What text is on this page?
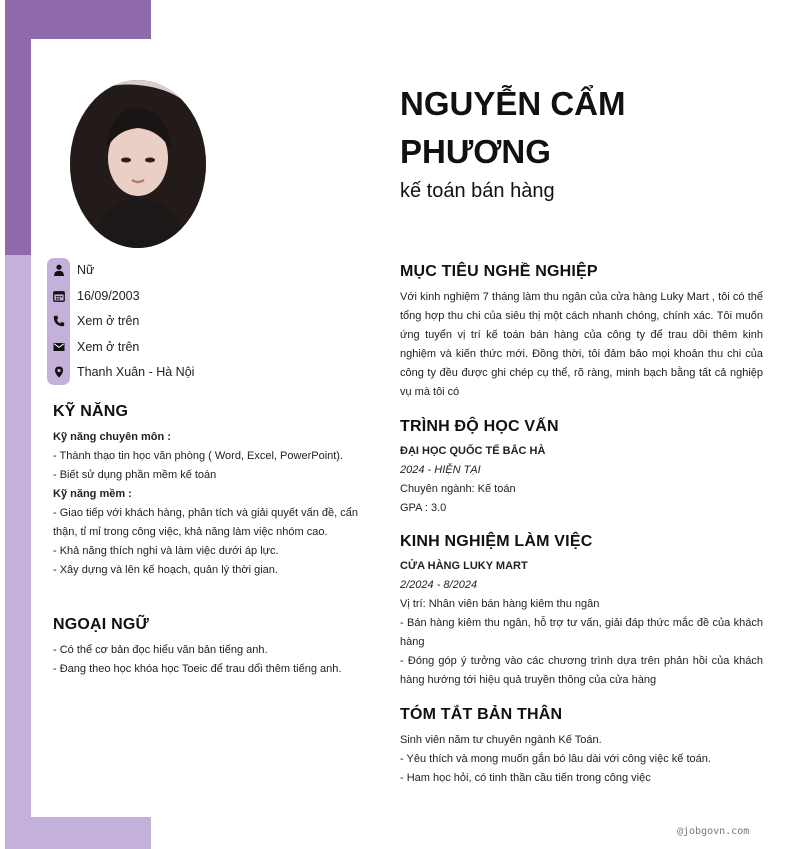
Nữ
16/09/2003
Xem ở trên
Xem ở trên
Thanh Xuân - Hà Nội
KỸ NĂNG

Kỹ năng chuyên môn :

- Thành thạo tin học văn phòng ( Word, Excel, PowerPoint).

- Biết sử dụng phần mềm kế toán

Kỹ năng mềm :

- Giao tiếp với khách hàng, phân tích và giải quyết vấn đề, cẩn thận, tỉ mỉ trong công việc, khả năng làm việc nhóm cao.

- Khả năng thích nghi và làm việc dưới áp lực.

- Xây dựng và lên kế hoạch, quản lý thời gian.

NGOẠI NGỮ

- Có thể cơ bản đọc hiểu văn bản tiếng anh.

- Đang theo học khóa học Toeic để trau dổi thêm tiếng anh.

NGUYỄN CẨM
PHƯƠNG
kế toán bán hàng
MỤC TIÊU NGHỀ NGHIỆP
Với kinh nghiệm 7 tháng làm thu ngân của cửa hàng Luky Mart , tôi có thể tổng hợp thu chi của siêu thị một cách nhanh chóng, chính xác. Tôi muốn ứng tuyển vị trí kế toán bán hàng của công ty để trau dồi thêm kinh nghiệm và kiến thức mới. Đồng thời, tôi đảm bảo mọi khoản thu chi của công ty đều được ghi chép cụ thể, rõ ràng, minh bạch bằng tất cả nghiệp vụ mà tôi có
TRÌNH ĐỘ HỌC VẤN

ĐẠI HỌC QUỐC TẾ BẮC HÀ

2024 - HIỆN TẠI

Chuyên ngành: Kế toán

GPA : 3.0

KINH NGHIỆM LÀM VIỆC

CỬA HÀNG LUKY MART

2/2024 - 8/2024

Vị trí: Nhân viên bán hàng kiêm thu ngân

- Bán hàng kiêm thu ngân, hỗ trợ tư vấn, giải đáp thức mắc đề của khách hàng

- Đóng góp ý tưởng vào các chương trình dựa trên phản hồi của khách hàng hướng tới hiệu quả truyền thông của cửa hàng

TÓM TẮT BẢN THÂN

Sinh viên năm tư chuyên ngành Kế Toán.

- Yêu thích và mong muốn gắn bó lâu dài với công việc kế toán.

- Ham học hỏi, có tinh thần cầu tiến trong công việc

@jobgovn.com
